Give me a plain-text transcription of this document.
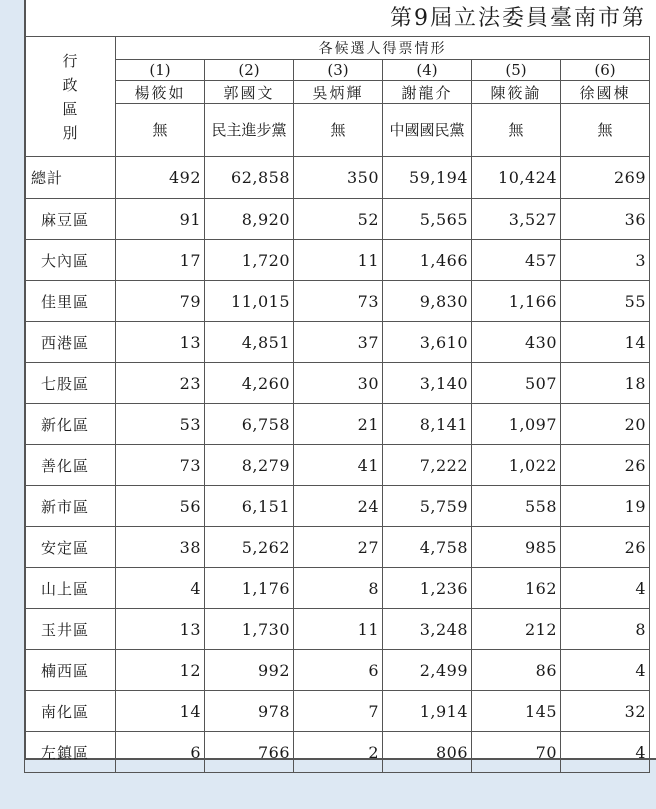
第9屆立法委員臺南市第
行
政
區
別	各候選人得票情形					
	(1)	(2)	(3)	(4)	(5)	(6)
	楊筱如	郭國文	吳炳輝	謝龍介	陳筱諭	徐國棟
	無	民主進步黨	無	中國國民黨	無	無
總計	492	62,858	350	59,194	10,424	269
麻豆區	91	8,920	52	5,565	3,527	36
大內區	17	1,720	11	1,466	457	3
佳里區	79	11,015	73	9,830	1,166	55
西港區	13	4,851	37	3,610	430	14
七股區	23	4,260	30	3,140	507	18
新化區	53	6,758	21	8,141	1,097	20
善化區	73	8,279	41	7,222	1,022	26
新市區	56	6,151	24	5,759	558	19
安定區	38	5,262	27	4,758	985	26
山上區	4	1,176	8	1,236	162	4
玉井區	13	1,730	11	3,248	212	8
楠西區	12	992	6	2,499	86	4
南化區	14	978	7	1,914	145	32
左鎮區	6	766	2	806	70	4
